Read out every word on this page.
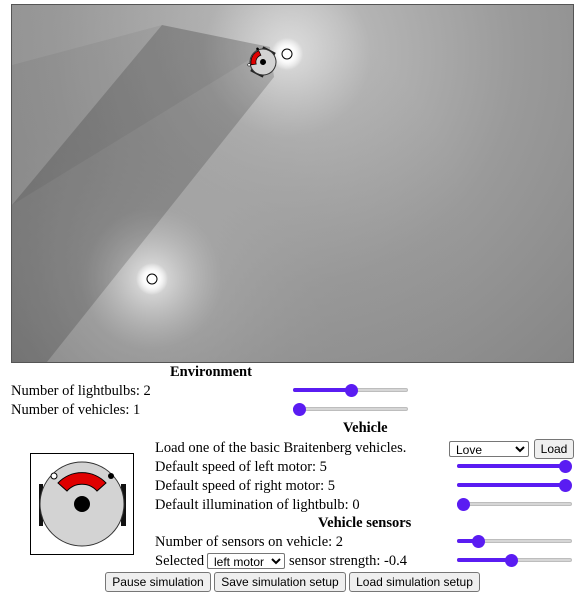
Environment
Number of lightbulbs: 2
Number of vehicles: 1
Vehicle
Load one of the basic Braitenberg vehicles.
Love	Load
Default speed of left motor: 5
Default speed of right motor: 5
Default illumination of lightbulb: 0
Vehicle sensors
Number of sensors on vehicle: 2
Selected
left motor	sensor strength: -0.4
Pause simulation	Save simulation setup	Load simulation setup
